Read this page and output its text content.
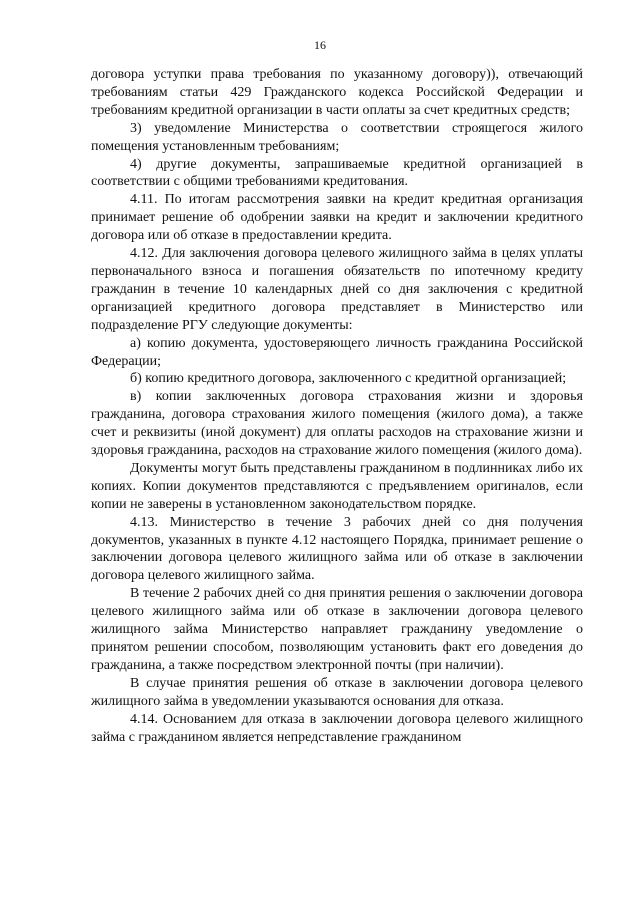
16

договора уступки права требования по указанному договору)), отвечающий требованиям статьи 429 Гражданского кодекса Российской Федерации и требованиям кредитной организации в части оплаты за счет кредитных средств;

3) уведомление Министерства о соответствии строящегося жилого помещения установленным требованиям;

4) другие документы, запрашиваемые кредитной организацией в соответствии с общими требованиями кредитования.

4.11. По итогам рассмотрения заявки на кредит кредитная организация принимает решение об одобрении заявки на кредит и заключении кредитного договора или об отказе в предоставлении кредита.

4.12. Для заключения договора целевого жилищного займа в целях уплаты первоначального взноса и погашения обязательств по ипотечному кредиту гражданин в течение 10 календарных дней со дня заключения с кредитной организацией кредитного договора представляет в Министерство или подразделение РГУ следующие документы:

а) копию документа, удостоверяющего личность гражданина Российской Федерации;

б) копию кредитного договора, заключенного с кредитной организацией;

в) копии заключенных договора страхования жизни и здоровья гражданина, договора страхования жилого помещения (жилого дома), а также счет и реквизиты (иной документ) для оплаты расходов на страхование жизни и здоровья гражданина, расходов на страхование жилого помещения (жилого дома).

Документы могут быть представлены гражданином в подлинниках либо их копиях. Копии документов представляются с предъявлением оригиналов, если копии не заверены в установленном законодательством порядке.

4.13. Министерство в течение 3 рабочих дней со дня получения документов, указанных в пункте 4.12 настоящего Порядка, принимает решение о заключении договора целевого жилищного займа или об отказе в заключении договора целевого жилищного займа.

В течение 2 рабочих дней со дня принятия решения о заключении договора целевого жилищного займа или об отказе в заключении договора целевого жилищного займа Министерство направляет гражданину уведомление о принятом решении способом, позволяющим установить факт его доведения до гражданина, а также посредством электронной почты (при наличии).

В случае принятия решения об отказе в заключении договора целевого жилищного займа в уведомлении указываются основания для отказа.

4.14. Основанием для отказа в заключении договора целевого жилищного займа с гражданином является непредставление гражданином
